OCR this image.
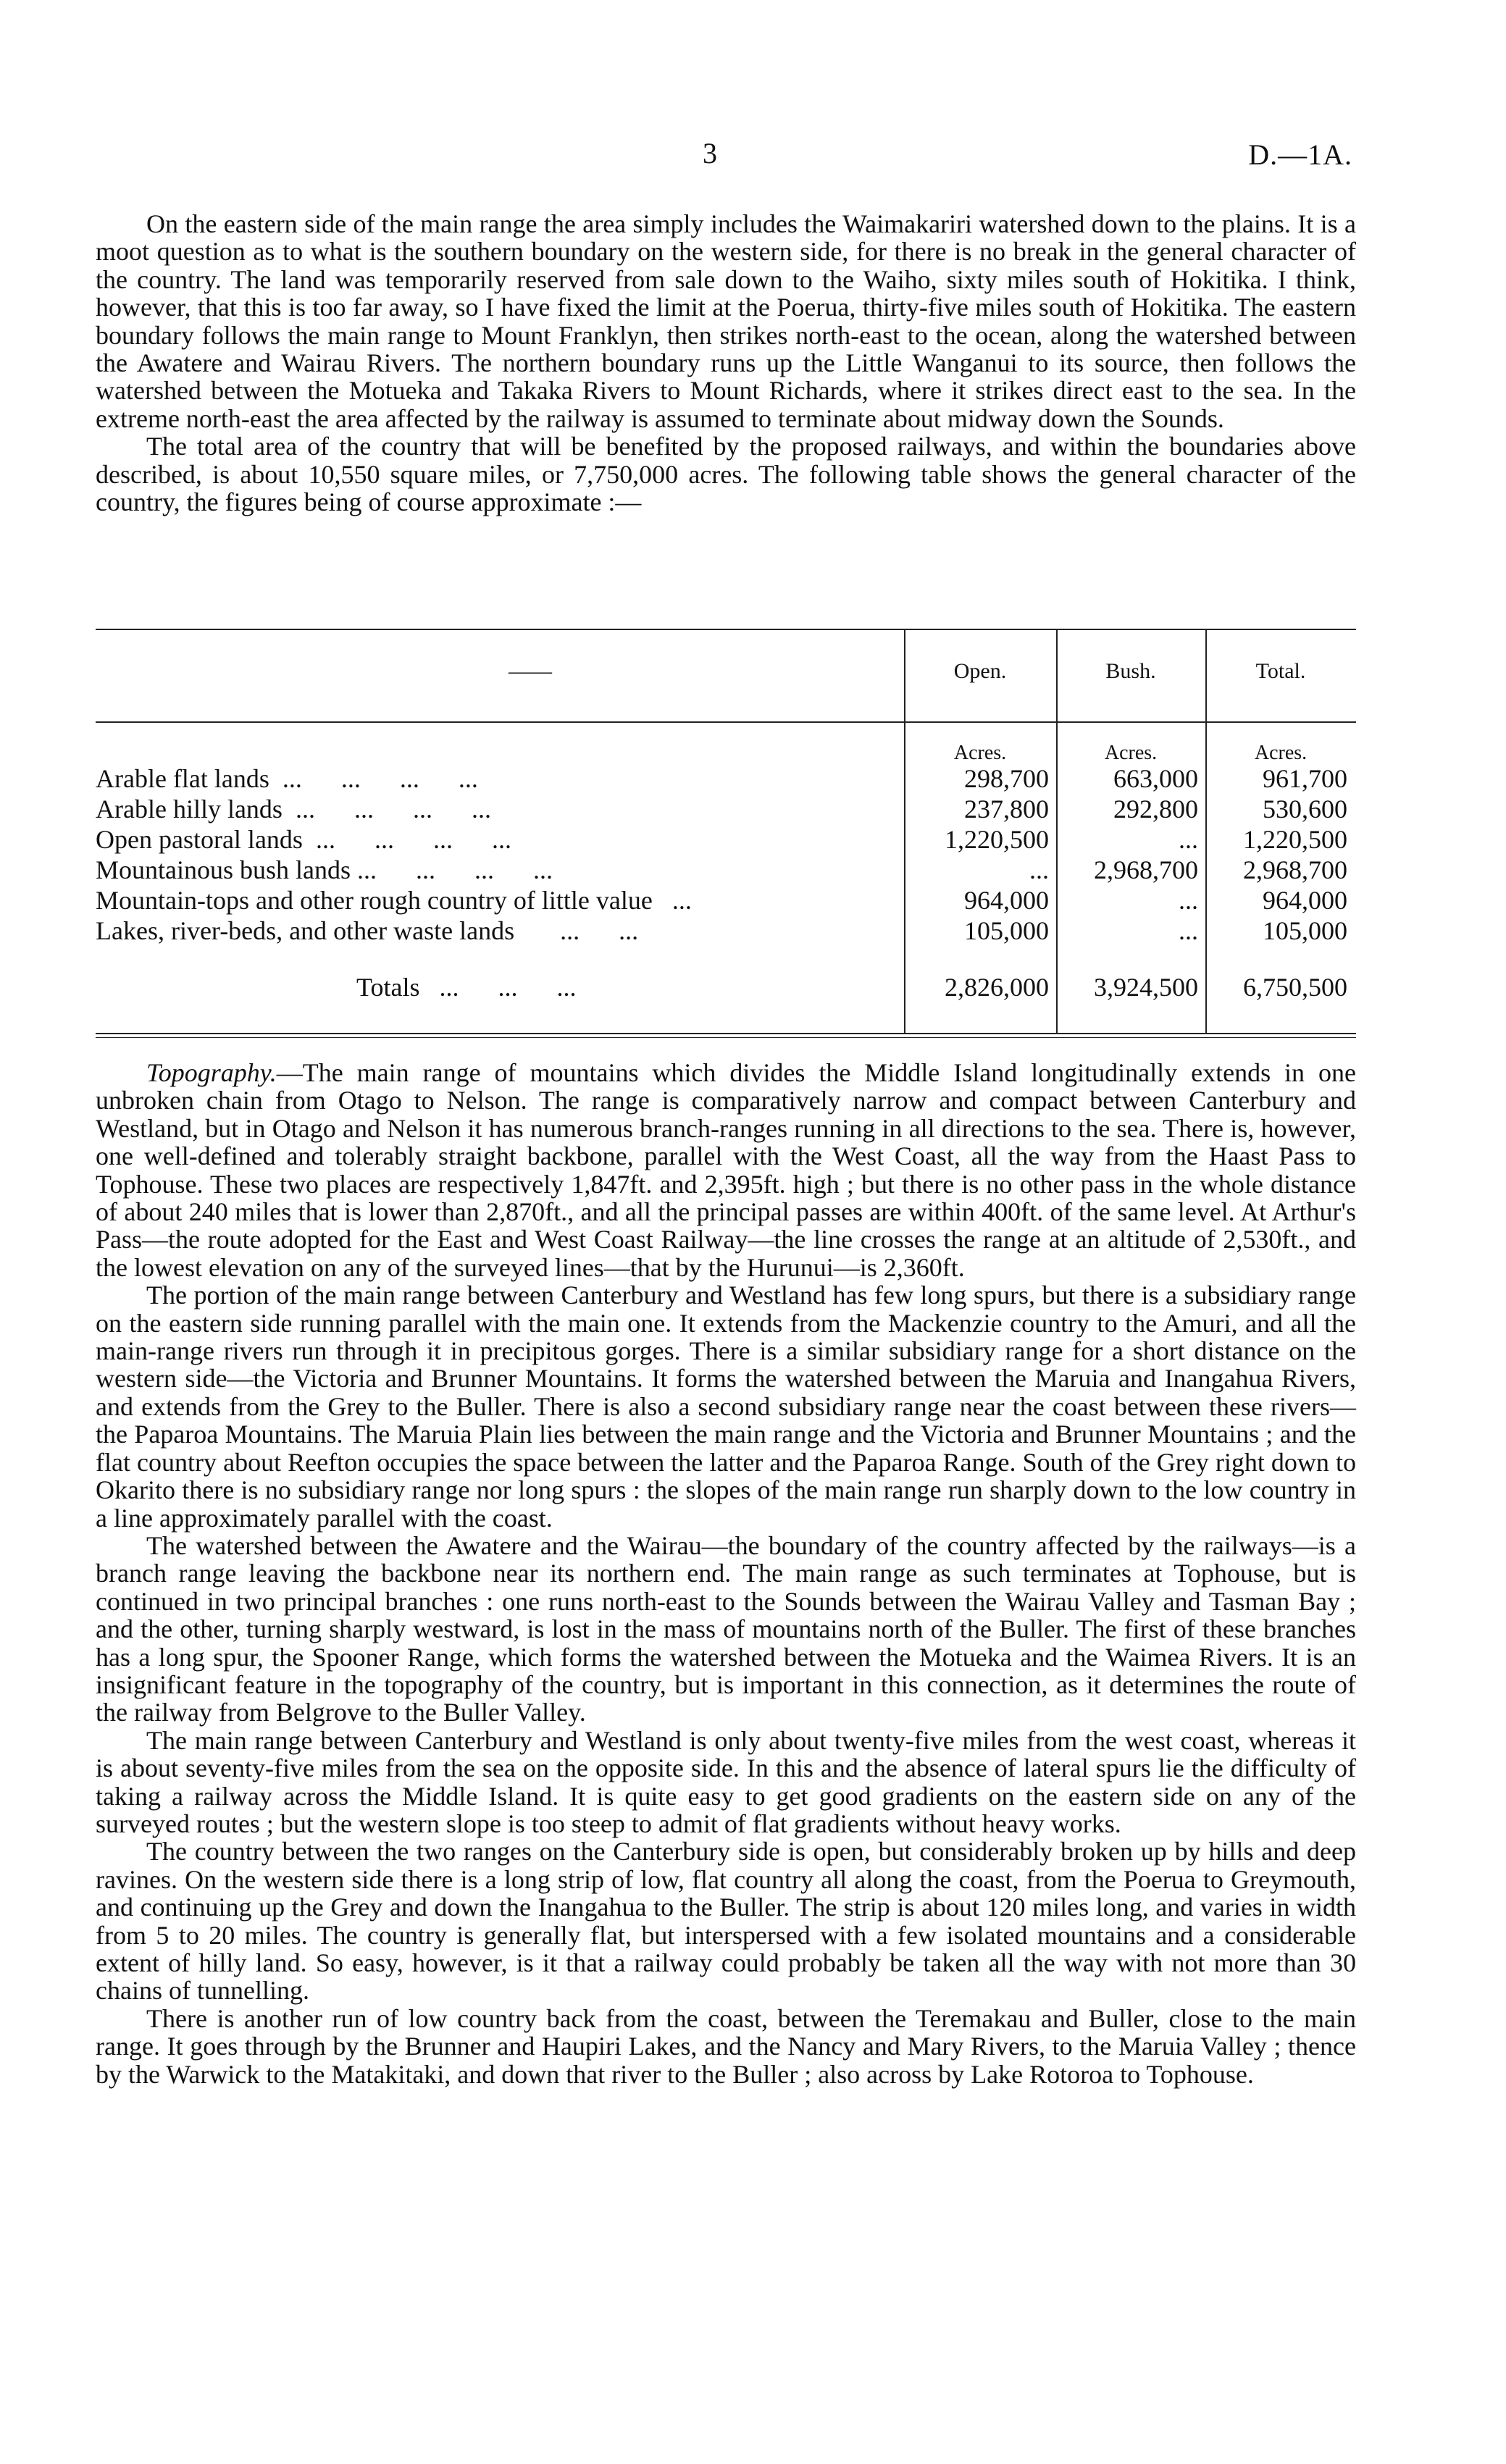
3	D.—1A.

On the eastern side of the main range the area simply includes the Waimakariri watershed down to the plains. It is a moot question as to what is the southern boundary on the western side, for there is no break in the general character of the country. The land was temporarily reserved from sale down to the Waiho, sixty miles south of Hokitika. I think, however, that this is too far away, so I have fixed the limit at the Poerua, thirty-five miles south of Hokitika. The eastern boundary follows the main range to Mount Franklyn, then strikes north-east to the ocean, along the watershed between the Awatere and Wairau Rivers. The northern boundary runs up the Little Wanganui to its source, then follows the watershed between the Motueka and Takaka Rivers to Mount Richards, where it strikes direct east to the sea. In the extreme north-east the area affected by the railway is assumed to terminate about midway down the Sounds.

The total area of the country that will be benefited by the proposed railways, and within the boundaries above described, is about 10,550 square miles, or 7,750,000 acres. The following table shows the general character of the country, the figures being of course approximate :—

——	Open.	Bush.	Total.
Acres.	Acres.	Acres.
Arable flat lands  ...      ...      ...      ...	298,700	663,000	961,700
Arable hilly lands  ...      ...      ...      ...	237,800	292,800	530,600
Open pastoral lands  ...      ...      ...      ...	1,220,500	...	1,220,500
Mountainous bush lands ...      ...      ...      ...	...	2,968,700	2,968,700
Mountain-tops and other rough country of little value   ...	964,000	...	964,000
Lakes, river-beds, and other waste lands       ...      ...	105,000	...	105,000
Totals   ...      ...      ...	2,826,000	3,924,500	6,750,500

Topography.—The main range of mountains which divides the Middle Island longitudinally extends in one unbroken chain from Otago to Nelson. The range is comparatively narrow and compact between Canterbury and Westland, but in Otago and Nelson it has numerous branch-ranges running in all directions to the sea. There is, however, one well-defined and tolerably straight backbone, parallel with the West Coast, all the way from the Haast Pass to Tophouse. These two places are respectively 1,847ft. and 2,395ft. high ; but there is no other pass in the whole distance of about 240 miles that is lower than 2,870ft., and all the principal passes are within 400ft. of the same level. At Arthur's Pass—the route adopted for the East and West Coast Railway—the line crosses the range at an altitude of 2,530ft., and the lowest elevation on any of the surveyed lines—that by the Hurunui—is 2,360ft.

The portion of the main range between Canterbury and Westland has few long spurs, but there is a subsidiary range on the eastern side running parallel with the main one. It extends from the Mackenzie country to the Amuri, and all the main-range rivers run through it in precipitous gorges. There is a similar subsidiary range for a short distance on the western side—the Victoria and Brunner Mountains. It forms the watershed between the Maruia and Inangahua Rivers, and extends from the Grey to the Buller. There is also a second subsidiary range near the coast between these rivers—the Paparoa Mountains. The Maruia Plain lies between the main range and the Victoria and Brunner Mountains ; and the flat country about Reefton occupies the space between the latter and the Paparoa Range. South of the Grey right down to Okarito there is no subsidiary range nor long spurs : the slopes of the main range run sharply down to the low country in a line approximately parallel with the coast.

The watershed between the Awatere and the Wairau—the boundary of the country affected by the railways—is a branch range leaving the backbone near its northern end. The main range as such terminates at Tophouse, but is continued in two principal branches : one runs north-east to the Sounds between the Wairau Valley and Tasman Bay ; and the other, turning sharply westward, is lost in the mass of mountains north of the Buller. The first of these branches has a long spur, the Spooner Range, which forms the watershed between the Motueka and the Waimea Rivers. It is an insignificant feature in the topography of the country, but is important in this connection, as it determines the route of the railway from Belgrove to the Buller Valley.

The main range between Canterbury and Westland is only about twenty-five miles from the west coast, whereas it is about seventy-five miles from the sea on the opposite side. In this and the absence of lateral spurs lie the difficulty of taking a railway across the Middle Island. It is quite easy to get good gradients on the eastern side on any of the surveyed routes ; but the western slope is too steep to admit of flat gradients without heavy works.

The country between the two ranges on the Canterbury side is open, but considerably broken up by hills and deep ravines. On the western side there is a long strip of low, flat country all along the coast, from the Poerua to Greymouth, and continuing up the Grey and down the Inangahua to the Buller. The strip is about 120 miles long, and varies in width from 5 to 20 miles. The country is generally flat, but interspersed with a few isolated mountains and a considerable extent of hilly land. So easy, however, is it that a railway could probably be taken all the way with not more than 30 chains of tunnelling.

There is another run of low country back from the coast, between the Teremakau and Buller, close to the main range. It goes through by the Brunner and Haupiri Lakes, and the Nancy and Mary Rivers, to the Maruia Valley ; thence by the Warwick to the Matakitaki, and down that river to the Buller ; also across by Lake Rotoroa to Tophouse.
